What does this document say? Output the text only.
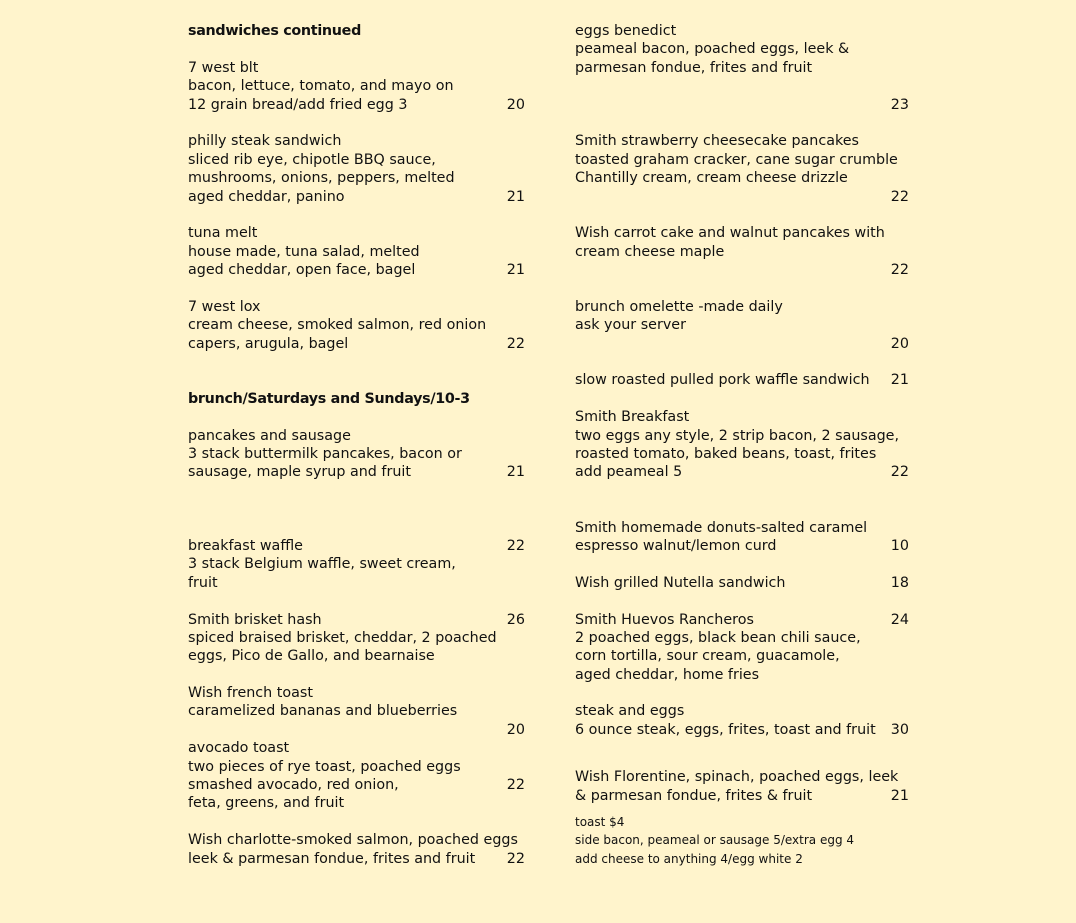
sandwiches continued
7 west blt
bacon, lettuce, tomato, and mayo on
12 grain bread/add fried egg 3	20
philly steak sandwich
sliced rib eye, chipotle BBQ sauce,
mushrooms, onions, peppers, melted
aged cheddar, panino	21
tuna melt
house made, tuna salad, melted
aged cheddar, open face, bagel	21
7 west lox
cream cheese, smoked salmon, red onion
capers, arugula, bagel	22
brunch/Saturdays and Sundays/10-3
pancakes and sausage
3 stack buttermilk pancakes, bacon or
sausage, maple syrup and fruit	21
breakfast waffle	22
3 stack Belgium waffle, sweet cream,
fruit
Smith brisket hash	26
spiced braised brisket, cheddar, 2 poached
eggs, Pico de Gallo, and bearnaise
Wish french toast
caramelized bananas and blueberries
20
avocado toast
two pieces of rye toast, poached eggs
smashed avocado, red onion,	22
feta, greens, and fruit
Wish charlotte-smoked salmon, poached eggs
leek & parmesan fondue, frites and fruit 22
eggs benedict
peameal bacon, poached eggs, leek &
parmesan fondue, frites and fruit
23
Smith strawberry cheesecake pancakes
toasted graham cracker, cane sugar crumble
Chantilly cream, cream cheese drizzle
22
Wish carrot cake and walnut pancakes with
cream cheese maple
22
brunch omelette -made daily
ask your server
20
slow roasted pulled pork waffle sandwich 21
Smith Breakfast
two eggs any style, 2 strip bacon, 2 sausage,
roasted tomato, baked beans, toast, frites
add peameal 5	22
Smith homemade donuts-salted caramel
espresso walnut/lemon curd	10
Wish grilled Nutella sandwich	18
Smith Huevos Rancheros	24
2 poached eggs, black bean chili sauce,
corn tortilla, sour cream, guacamole,
aged cheddar, home fries
steak and eggs
6 ounce steak, eggs, frites, toast and fruit 30
Wish Florentine, spinach, poached eggs, leek
& parmesan fondue, frites & fruit	21
toast $4
side bacon, peameal or sausage 5/extra egg 4
add cheese to anything 4/egg white 2
